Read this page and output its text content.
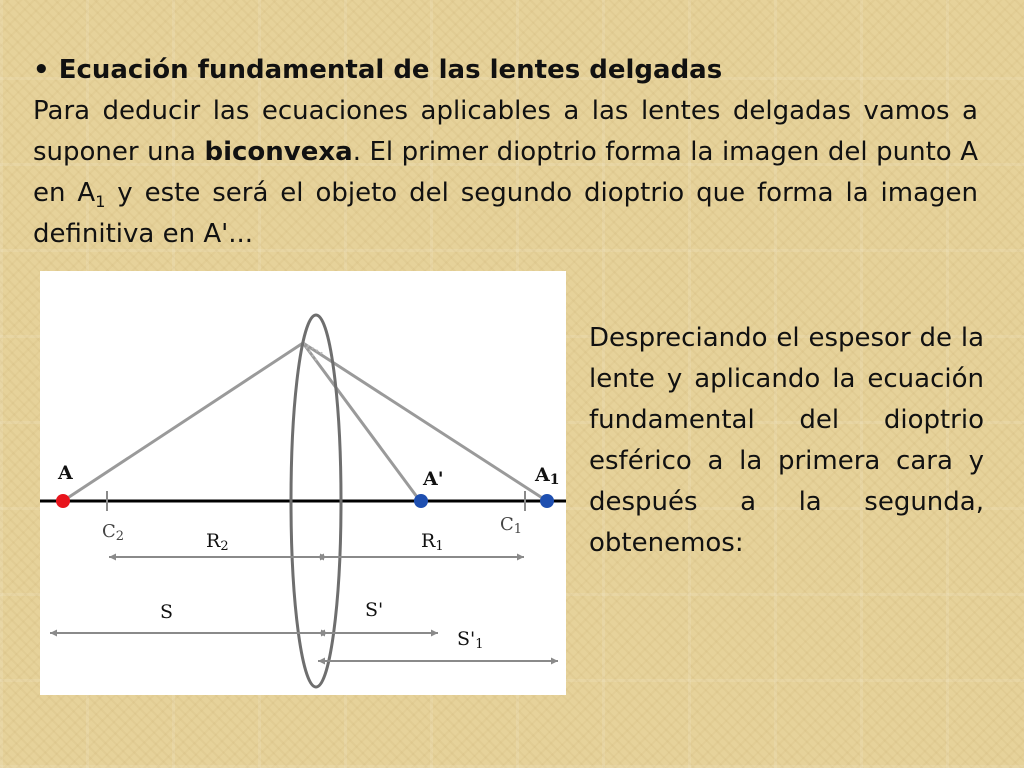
• Ecuación fundamental de las lentes delgadas
Para deducir las ecuaciones aplicables a las lentes delgadas vamos a suponer una biconvexa. El primer dioptrio forma la imagen del punto A en $A_1$ y este será el objeto del segundo dioptrio que forma la imagen definitiva en A'...
A	A'	A1
C2
C1
R2	R1
S	S'
S'1
Despreciando el espesor de la lente y aplicando la ecuación fundamental del dioptrio esférico a la primera cara y después a la segunda, obtenemos:
